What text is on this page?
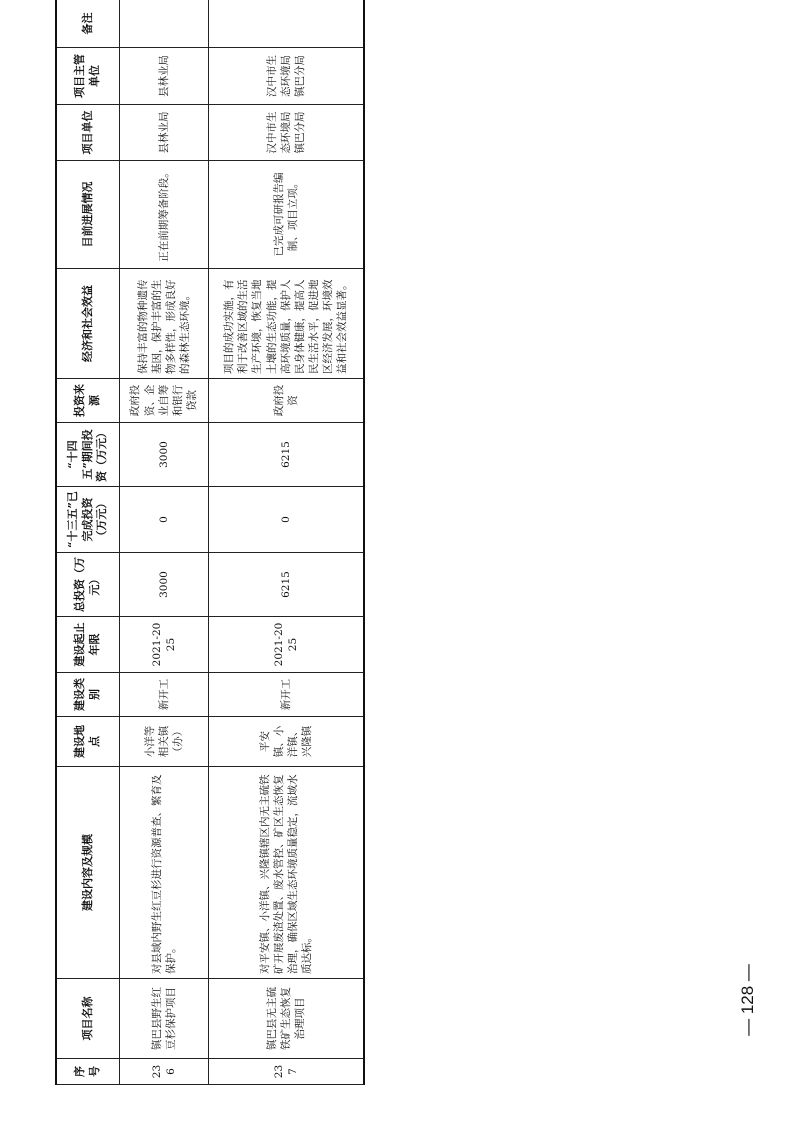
序号	项目名称	建设内容及规模	建设地点	建设类别	建设起止年限	总投资（万元）	“十三五”已完成投资（万元）	“十四五”期间投资（万元）	投资来源	经济和社会效益	目前进展情况	项目单位	项目主管单位	备注
236	镇巴县野生红豆杉保护项目	对县域内野生红豆杉进行资源普查、繁育及保护。	小洋等相关镇（办）	新开工	2021-2025	3000	0	3000	政府投资、企业自筹和银行贷款	保持丰富的物种遗传基因，保护丰富的生物多样性，形成良好的森林生态环境。	正在前期筹备阶段。	县林业局	县林业局	
237	镇巴县无主硫铁矿生态恢复治理项目	对平安镇、小洋镇、兴隆镇辖区内无主硫铁矿开展废渣处置、废水管控、矿区生态恢复治理，确保区域生态环境质量稳定，流域水质达标。	平安镇、小洋镇、兴隆镇	新开工	2021-2025	6215	0	6215	政府投资	项目的成功实施，有利于改善区域的生活生产环境，恢复当地土壤的生态功能，提高环境质量，保护人民身体健康，提高人民生活水平，促进地区经济发展，环境效益和社会效益显著。	已完成可研报告编制、项目立项。	汉中市生态环境局镇巴分局	汉中市生态环境局镇巴分局	
— 128 —
